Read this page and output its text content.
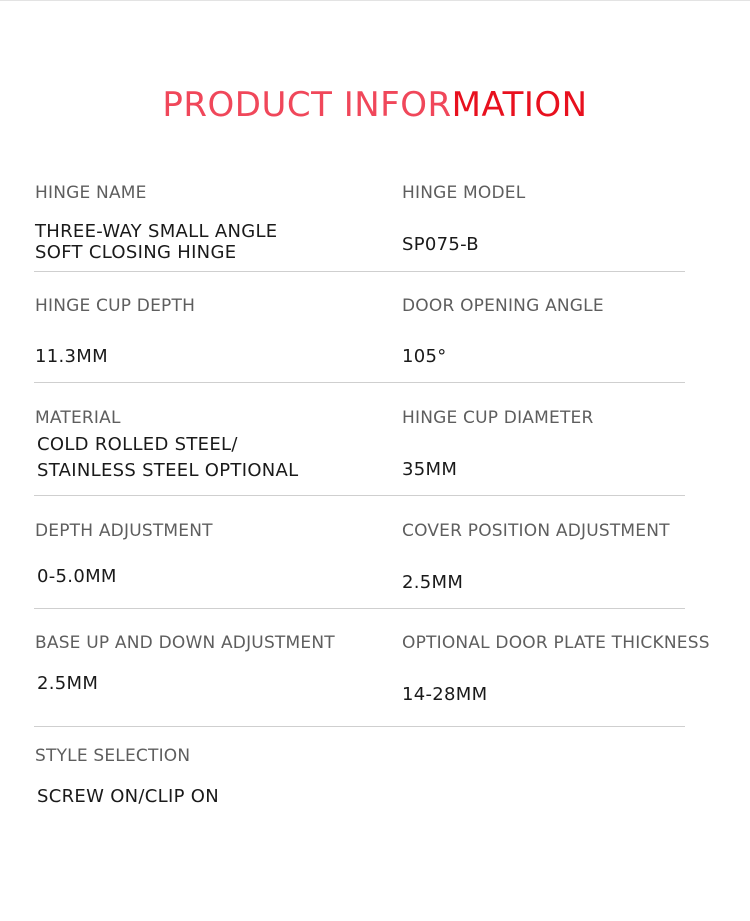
PRODUCT INFORMATION
HINGE NAME
THREE-WAY SMALL ANGLE
SOFT CLOSING HINGE
HINGE MODEL
SP075-B
HINGE CUP DEPTH
11.3MM
DOOR OPENING ANGLE
105°
MATERIAL
COLD ROLLED STEEL/
STAINLESS STEEL OPTIONAL
HINGE CUP DIAMETER
35MM
DEPTH ADJUSTMENT
0-5.0MM
COVER POSITION ADJUSTMENT
2.5MM
BASE UP AND DOWN ADJUSTMENT
2.5MM
OPTIONAL DOOR PLATE THICKNESS
14-28MM
STYLE SELECTION
SCREW ON/CLIP ON
